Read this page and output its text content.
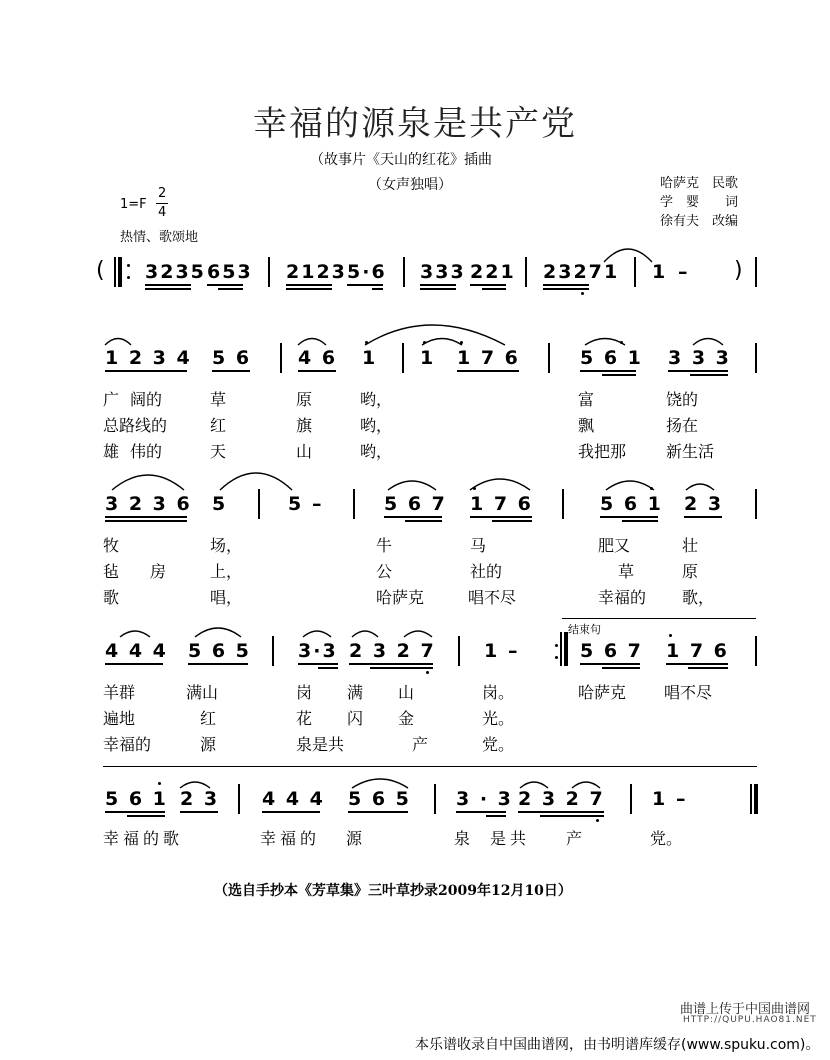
幸福的源泉是共产党
（故事片《天山的红花》插曲
（女声独唱）	哈萨克　民歌
学　婴　　词
徐有夫　改编
1=F
2
4
热情、歌颂地
( 3235 653 2123 5·6 333 221 2327 1 1 – )
1 2 3 4 5 6 4 6 1 1 1 7 6	5 6 1 3 3 3
广 阔的	草	原	哟，	富	饶的
总路线的	红	旗	哟，	飘	扬在
雄 伟的	天	山	哟，	我把那 新生活
3 2 3 6 5	5 –	5 6 7 1 7 6	5 6 1 2 3
牧	场，	牛	马	肥又	壮
毡 房	上，	公	社的	草	原
歌	唱，	哈萨克	唱不尽	幸福的 歌，
4 4 4 5 6 5 3·3 2 3 2 7	1 –
结束句
5 6 7 1 7 6
羊群	满山	岗 满 山	岗。	哈萨克 唱不尽
遍地	红	花 闪 金	光。
幸福的	源	泉是共	产	党。
5 6 1 2 3 4 4 4 5 6 5 3 · 3 2 3 2 7 1 –
幸福的歌	幸福的 源	泉 是共 产	党。
（选自手抄本《芳草集》三叶草抄录2009年12月10日）
曲谱上传于中国曲谱网
HTTP://QUPU.HAO81.NET
本乐谱收录自中国曲谱网，由书明谱库缓存(www.spuku.com)。
